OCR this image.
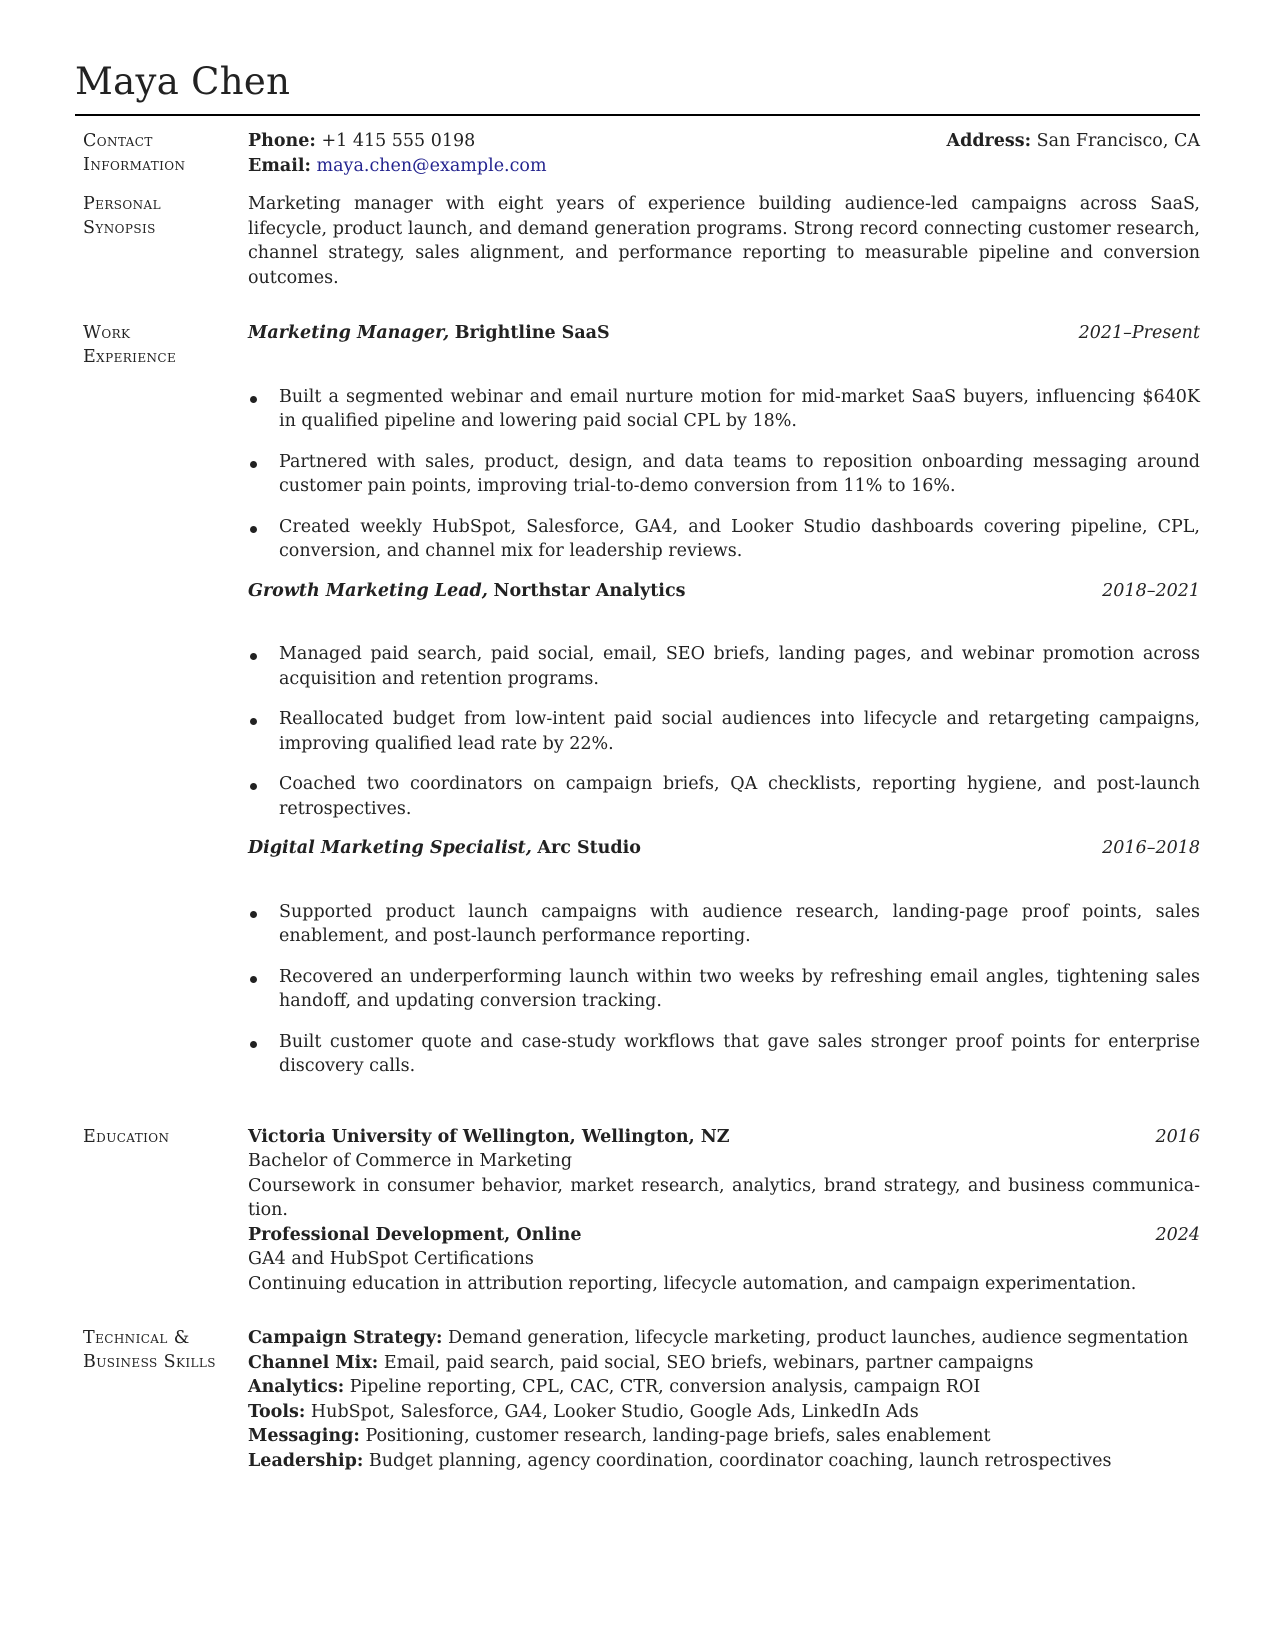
Maya Chen
Contact
Information
Phone: +1 415 555 0198	Address: San Francisco, CA
Email: maya.chen@example.com
Personal
Synopsis
Marketing manager with eight years of experience building audience-led campaigns across SaaS, lifecycle, product launch, and demand generation programs. Strong record connecting customer research, channel strategy, sales alignment, and performance reporting to measurable pipeline and conversion outcomes.
Work
Experience
Marketing Manager, Brightline SaaS	2021–Present
Built a segmented webinar and email nurture motion for mid-market SaaS buyers, influencing $640K in qualified pipeline and lowering paid social CPL by 18%.
Partnered with sales, product, design, and data teams to reposition onboarding messaging around customer pain points, improving trial-to-demo conversion from 11% to 16%.
Created weekly HubSpot, Salesforce, GA4, and Looker Studio dashboards covering pipeline, CPL, conversion, and channel mix for leadership reviews.
Growth Marketing Lead, Northstar Analytics	2018–2021
Managed paid search, paid social, email, SEO briefs, landing pages, and webinar promotion across acquisition and retention programs.
Reallocated budget from low-intent paid social audiences into lifecycle and retargeting campaigns, improving qualified lead rate by 22%.
Coached two coordinators on campaign briefs, QA checklists, reporting hygiene, and post-launch retrospectives.
Digital Marketing Specialist, Arc Studio	2016–2018
Supported product launch campaigns with audience research, landing-page proof points, sales enablement, and post-launch performance reporting.
Recovered an underperforming launch within two weeks by refreshing email angles, tightening sales handoff, and updating conversion tracking.
Built customer quote and case-study workflows that gave sales stronger proof points for enterprise discovery calls.
Education	Victoria University of Wellington, Wellington, NZ	2016
Bachelor of Commerce in Marketing
Coursework in consumer behavior, market research, analytics, brand strategy, and business communica- tion.
Professional Development, Online	2024
GA4 and HubSpot Certifications
Continuing education in attribution reporting, lifecycle automation, and campaign experimentation.
Technical &
Business Skills
Campaign Strategy: Demand generation, lifecycle marketing, product launches, audience segmentation
Channel Mix: Email, paid search, paid social, SEO briefs, webinars, partner campaigns
Analytics: Pipeline reporting, CPL, CAC, CTR, conversion analysis, campaign ROI
Tools: HubSpot, Salesforce, GA4, Looker Studio, Google Ads, LinkedIn Ads
Messaging: Positioning, customer research, landing-page briefs, sales enablement
Leadership: Budget planning, agency coordination, coordinator coaching, launch retrospectives
